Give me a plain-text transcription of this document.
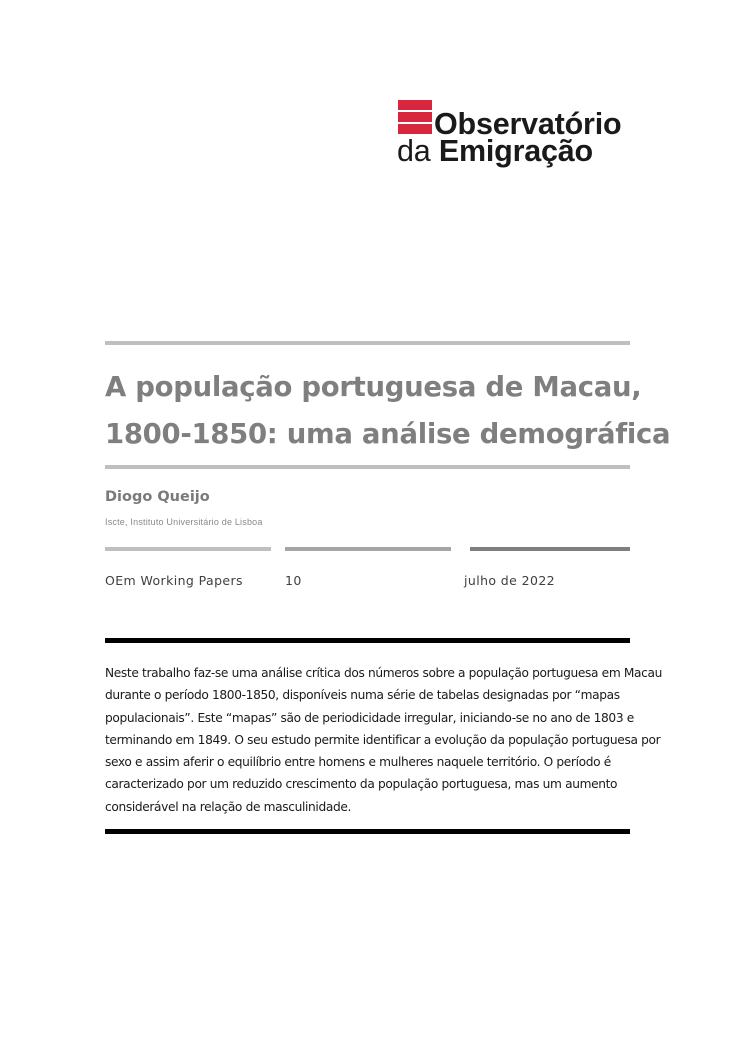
Observatório
da Emigração
A população portuguesa de Macau,
1800-1850: uma análise demográfica
Diogo Queijo
Iscte, Instituto Universitário de Lisboa
OEm Working Papers	10	julho de 2022
Neste trabalho faz-se uma análise crítica dos números sobre a população portuguesa em Macau
durante o período 1800-1850, disponíveis numa série de tabelas designadas por “mapas
populacionais”. Este “mapas” são de periodicidade irregular, iniciando-se no ano de 1803 e
terminando em 1849. O seu estudo permite identificar a evolução da população portuguesa por
sexo e assim aferir o equilíbrio entre homens e mulheres naquele território. O período é
caracterizado por um reduzido crescimento da população portuguesa, mas um aumento
considerável na relação de masculinidade.
